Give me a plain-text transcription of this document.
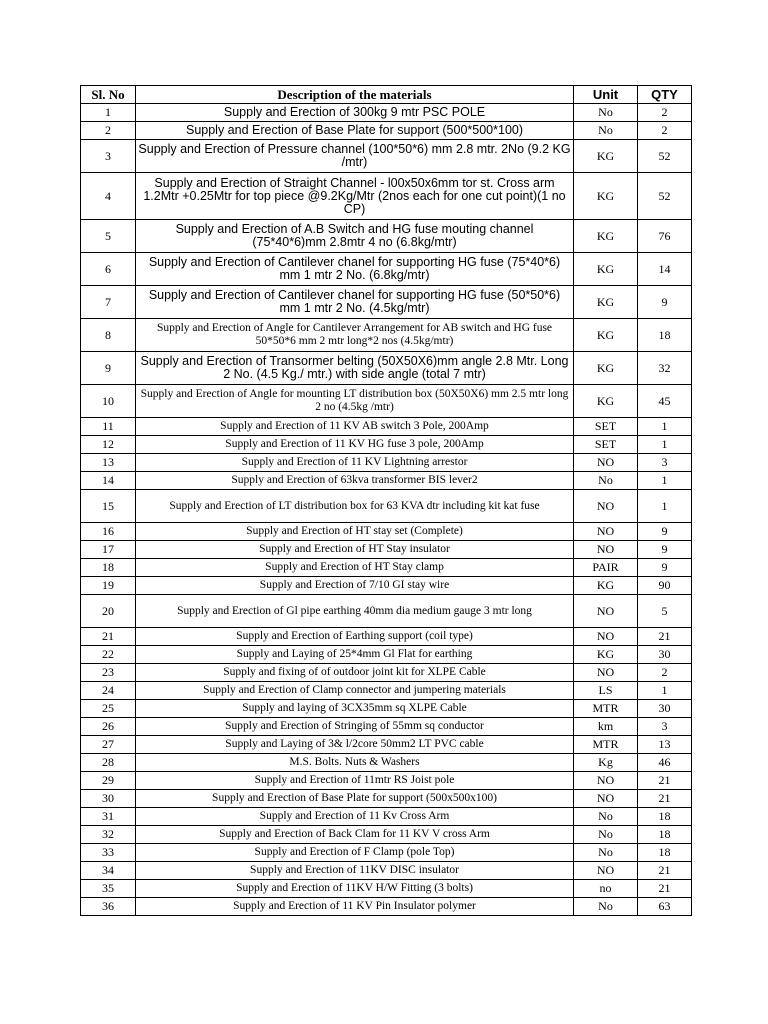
Sl. No	Description of the materials	Unit	QTY
1	Supply and Erection of 300kg 9 mtr PSC POLE	No	2
2	Supply and Erection of Base Plate for support (500*500*100)	No	2
3	Supply and Erection of Pressure channel (100*50*6) mm 2.8 mtr. 2No (9.2 KG /mtr)	KG	52
4	Supply and Erection of Straight Channel - l00x50x6mm tor st. Cross arm 1.2Mtr +0.25Mtr for top piece @9.2Kg/Mtr (2nos each for one cut point)(1 no CP)	KG	52
5	Supply and Erection of A.B Switch and HG fuse mouting channel (75*40*6)mm 2.8mtr 4 no (6.8kg/mtr)	KG	76
6	Supply and Erection of Cantilever chanel for supporting HG fuse (75*40*6) mm 1 mtr 2 No. (6.8kg/mtr)	KG	14
7	Supply and Erection of Cantilever chanel for supporting HG fuse (50*50*6) mm 1 mtr 2 No. (4.5kg/mtr)	KG	9
8	Supply and Erection of Angle for Cantilever Arrangement for AB switch and HG fuse 50*50*6 mm 2 mtr long*2 nos (4.5kg/mtr)	KG	18
9	Supply and Erection of Transormer belting (50X50X6)mm angle 2.8 Mtr. Long 2 No. (4.5 Kg./ mtr.) with side angle (total 7 mtr)	KG	32
10	Supply and Erection of Angle for mounting LT distribution box (50X50X6) mm 2.5 mtr long 2 no (4.5kg /mtr)	KG	45
11	Supply and Erection of 11 KV AB switch 3 Pole, 200Amp	SET	1
12	Supply and Erection of 11 KV HG fuse 3 pole, 200Amp	SET	1
13	Supply and Erection of 11 KV Lightning arrestor	NO	3
14	Supply and Erection of 63kva transformer BIS lever2	No	1
15	Supply and Erection of LT distribution box for 63 KVA dtr including kit kat fuse	NO	1
16	Supply and Erection of HT stay set (Complete)	NO	9
17	Supply and Erection of HT Stay insulator	NO	9
18	Supply and Erection of HT Stay clamp	PAIR	9
19	Supply and Erection of 7/10 GI stay wire	KG	90
20	Supply and Erection of Gl pipe earthing 40mm dia medium gauge 3 mtr long	NO	5
21	Supply and Erection of Earthing support (coil type)	NO	21
22	Supply and Laying of 25*4mm Gl Flat for earthing	KG	30
23	Supply and fixing of of outdoor joint kit for XLPE Cable	NO	2
24	Supply and Erection of Clamp connector and jumpering materials	LS	1
25	Supply and laying of 3CX35mm sq XLPE Cable	MTR	30
26	Supply and Erection of Stringing of 55mm sq conductor	km	3
27	Supply and Laying of 3& l/2core 50mm2 LT PVC cable	MTR	13
28	M.S. Bolts. Nuts & Washers	Kg	46
29	Supply and Erection of 11mtr RS Joist pole	NO	21
30	Supply and Erection of Base Plate for support (500x500x100)	NO	21
31	Supply and Erection of 11 Kv Cross Arm	No	18
32	Supply and Erection of Back Clam for 11 KV V cross Arm	No	18
33	Supply and Erection of F Clamp (pole Top)	No	18
34	Supply and Erection of 11KV DISC insulator	NO	21
35	Supply and Erection of 11KV H/W Fitting (3 bolts)	no	21
36	Supply and Erection of 11 KV Pin Insulator polymer	No	63
